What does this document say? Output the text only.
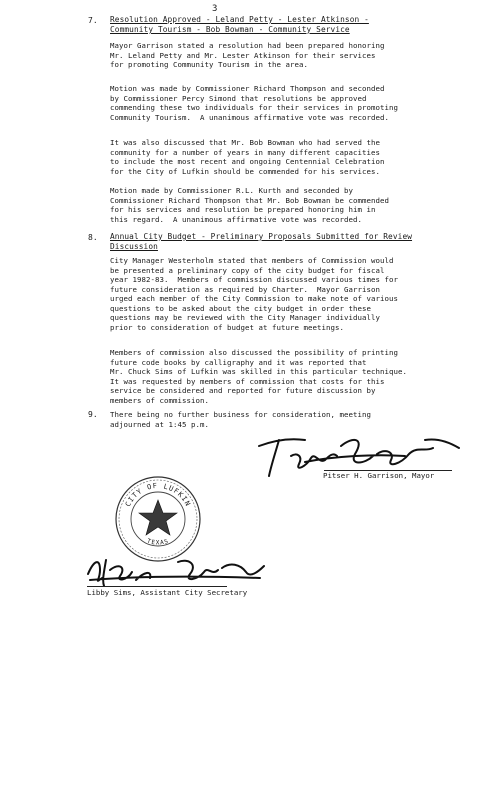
3
7. Resolution Approved - Leland Petty - Lester Atkinson -
Community Tourism - Bob Bowman - Community Service
Mayor Garrison stated a resolution had been prepared honoring
Mr. Leland Petty and Mr. Lester Atkinson for their services
for promoting Community Tourism in the area.
Motion was made by Commissioner Richard Thompson and seconded
by Commissioner Percy Simond that resolutions be approved
commending these two individuals for their services in promoting
Community Tourism.  A unanimous affirmative vote was recorded.
It was also discussed that Mr. Bob Bowman who had served the
community for a number of years in many different capacities
to include the most recent and ongoing Centennial Celebration
for the City of Lufkin should be commended for his services.
Motion made by Commissioner R.L. Kurth and seconded by
Commissioner Richard Thompson that Mr. Bob Bowman be commended
for his services and resolution be prepared honoring him in
this regard.  A unanimous affirmative vote was recorded.
8. Annual City Budget - Preliminary Proposals Submitted for Review
Discussion
City Manager Westerholm stated that members of Commission would
be presented a preliminary copy of the city budget for fiscal
year 1982-83.  Members of commission discussed various times for
future consideration as required by Charter.  Mayor Garrison
urged each member of the City Commission to make note of various
questions to be asked about the city budget in order these
questions may be reviewed with the City Manager individually
prior to consideration of budget at future meetings.
Members of commission also discussed the possibility of printing
future code books by calligraphy and it was reported that
Mr. Chuck Sims of Lufkin was skilled in this particular technique.
It was requested by members of commission that costs for this
service be considered and reported for future discussion by
members of commission.
9. There being no further business for consideration, meeting
adjourned at 1:45 p.m.
Pitser H. Garrison, Mayor
CITY OF LUFKIN
TEXAS
Libby Sims, Assistant City Secretary
